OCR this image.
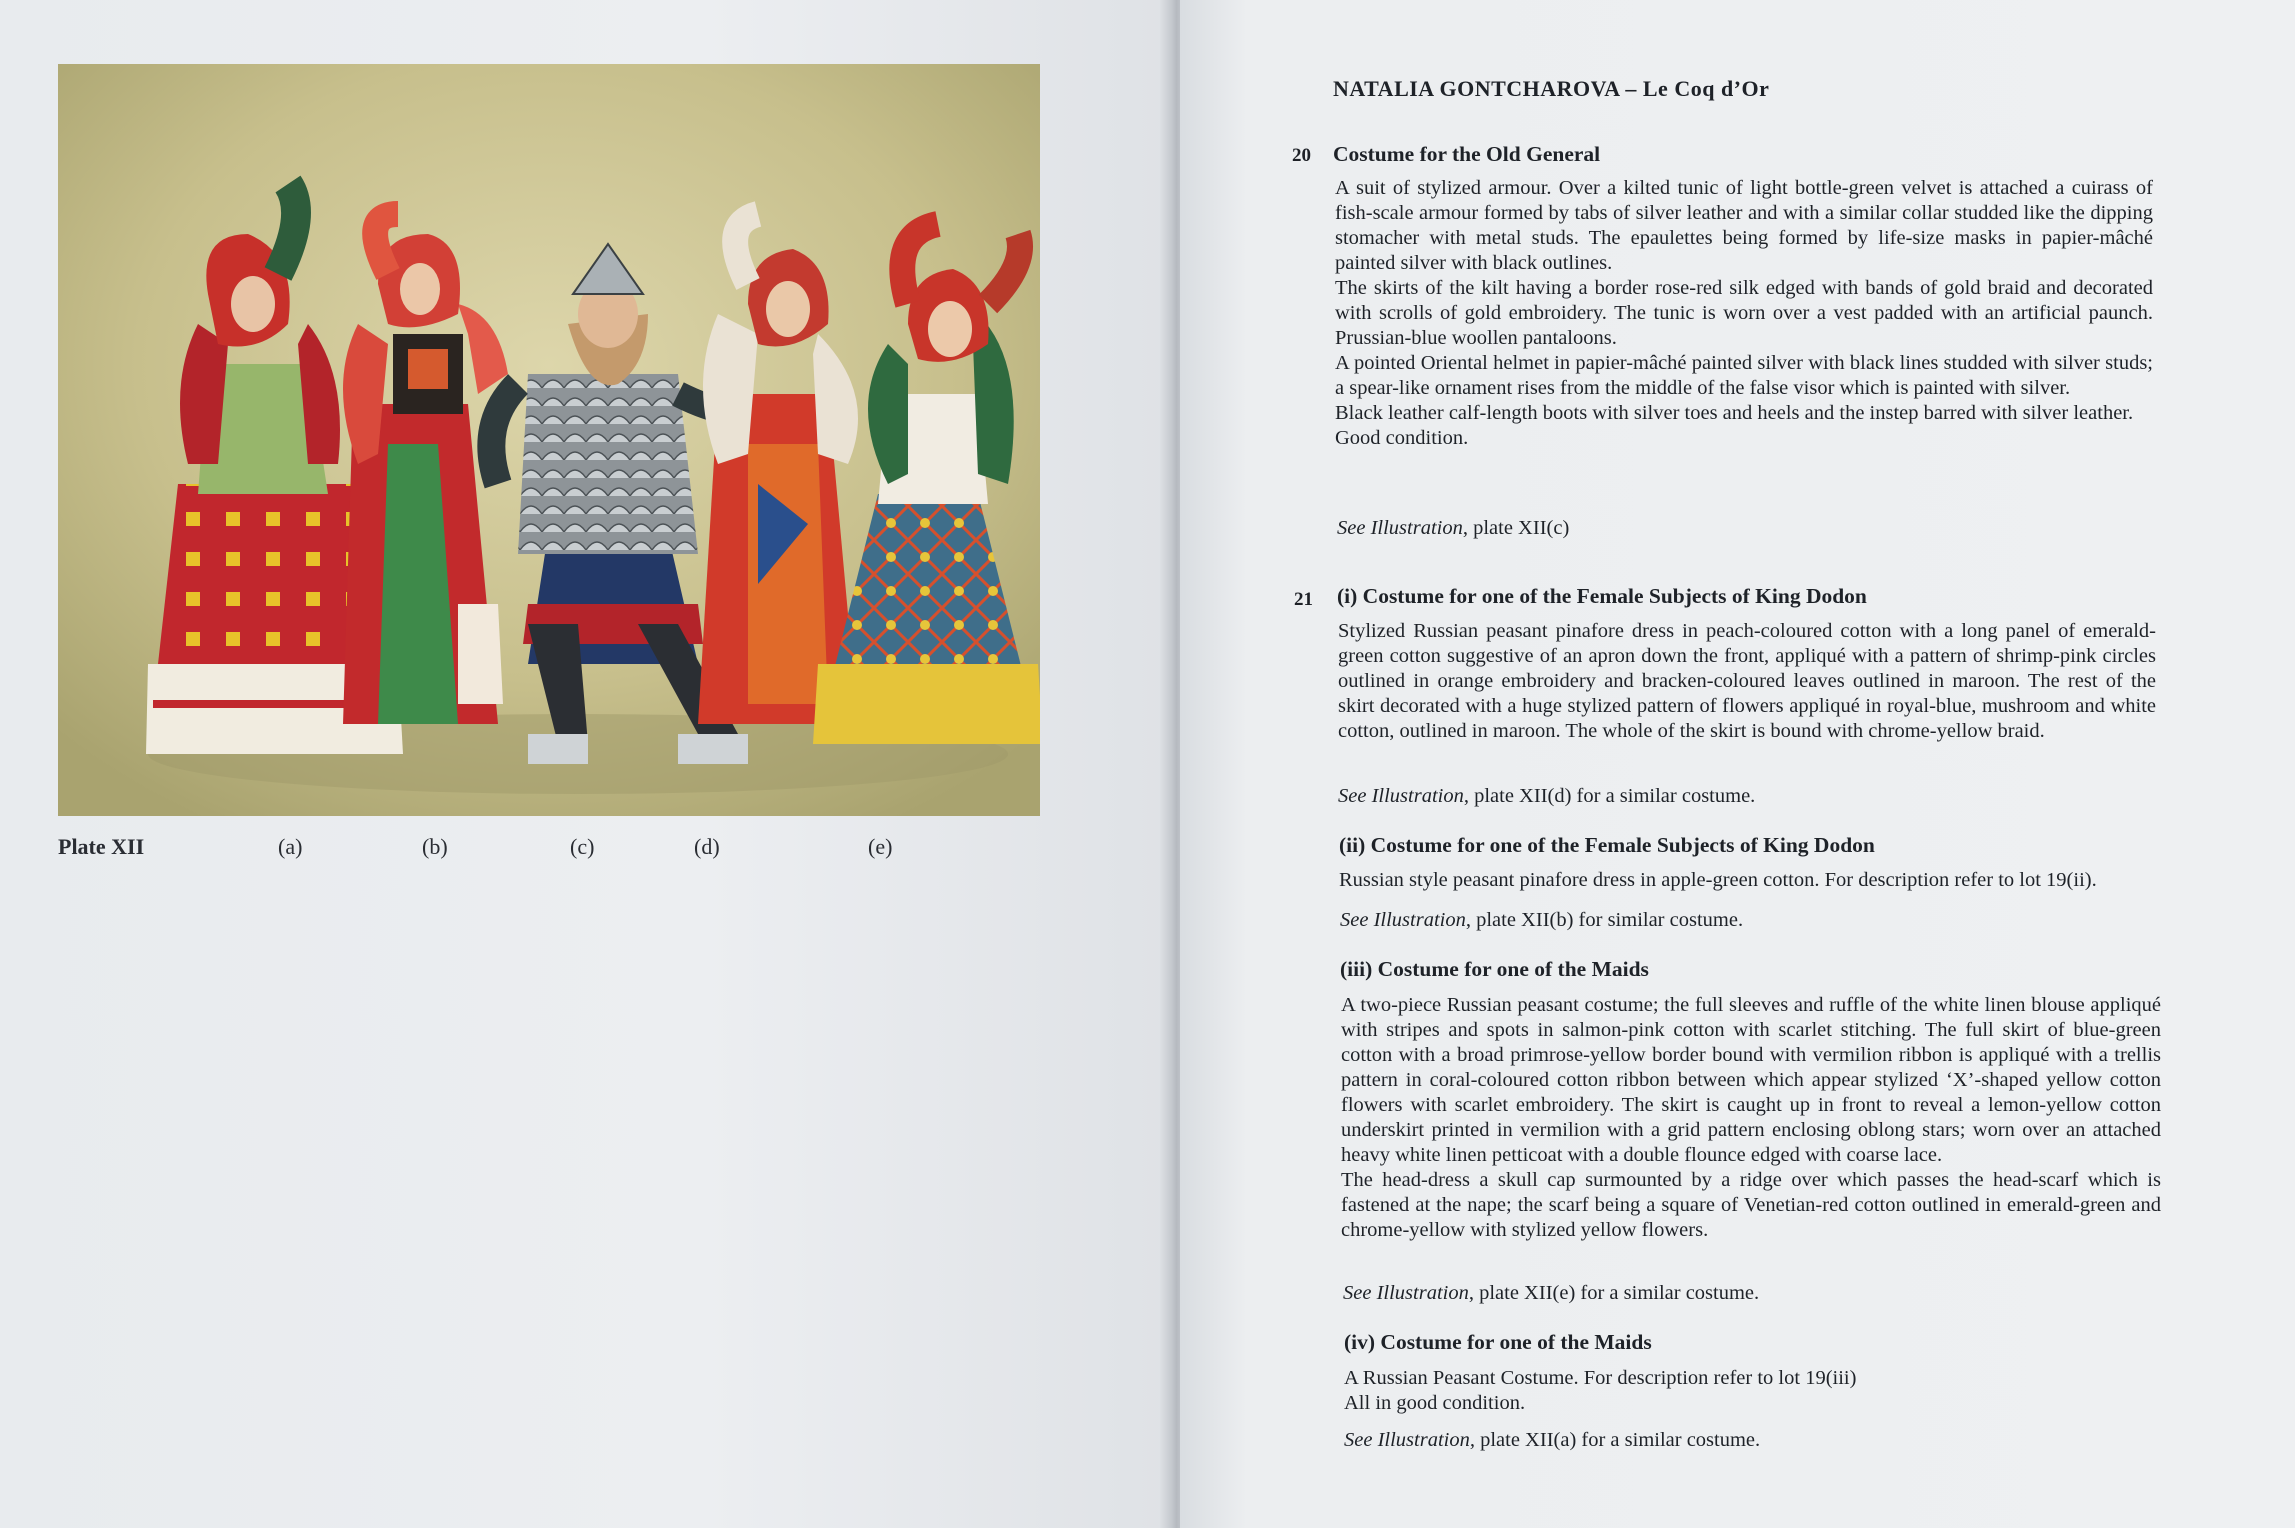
Plate XII	(a)	(b)	(c)	(d)	(e)
NATALIA GONTCHAROVA – Le Coq d’Or
20 Costume for the Old General

A suit of stylized armour. Over a kilted tunic of light bottle-green velvet is attached a cuirass of fish-scale armour formed by tabs of silver leather and with a similar collar studded like the dipping stomacher with metal studs. The epaulettes being formed by life-size masks in papier-mâché painted silver with black outlines.

The skirts of the kilt having a border rose-red silk edged with bands of gold braid and decorated with scrolls of gold embroidery. The tunic is worn over a vest padded with an artificial paunch. Prussian-blue woollen pantaloons.

A pointed Oriental helmet in papier-mâché painted silver with black lines studded with silver studs; a spear-like ornament rises from the middle of the false visor which is painted with silver.

Black leather calf-length boots with silver toes and heels and the instep barred with silver leather.

Good condition.

See Illustration, plate XII(c)
21 (i) Costume for one of the Female Subjects of King Dodon

Stylized Russian peasant pinafore dress in peach-coloured cotton with a long panel of emerald-green cotton suggestive of an apron down the front, appliqué with a pattern of shrimp-pink circles outlined in orange embroidery and bracken-coloured leaves outlined in maroon. The rest of the skirt decorated with a huge stylized pattern of flowers appliqué in royal-blue, mushroom and white cotton, outlined in maroon. The whole of the skirt is bound with chrome-yellow braid.

See Illustration, plate XII(d) for a similar costume.
(ii) Costume for one of the Female Subjects of King Dodon

Russian style peasant pinafore dress in apple-green cotton. For description refer to lot 19(ii).

See Illustration, plate XII(b) for similar costume.
(iii) Costume for one of the Maids

A two-piece Russian peasant costume; the full sleeves and ruffle of the white linen blouse appliqué with stripes and spots in salmon-pink cotton with scarlet stitching. The full skirt of blue-green cotton with a broad primrose-yellow border bound with vermilion ribbon is appliqué with a trellis pattern in coral-coloured cotton ribbon between which appear stylized ‘X’-shaped yellow cotton flowers with scarlet embroidery. The skirt is caught up in front to reveal a lemon-yellow cotton underskirt printed in vermilion with a grid pattern enclosing oblong stars; worn over an attached heavy white linen petticoat with a double flounce edged with coarse lace.

The head-dress a skull cap surmounted by a ridge over which passes the head-scarf which is fastened at the nape; the scarf being a square of Venetian-red cotton outlined in emerald-green and chrome-yellow with stylized yellow flowers.

See Illustration, plate XII(e) for a similar costume.
(iv) Costume for one of the Maids
A Russian Peasant Costume. For description refer to lot 19(iii)
All in good condition.
See Illustration, plate XII(a) for a similar costume.
